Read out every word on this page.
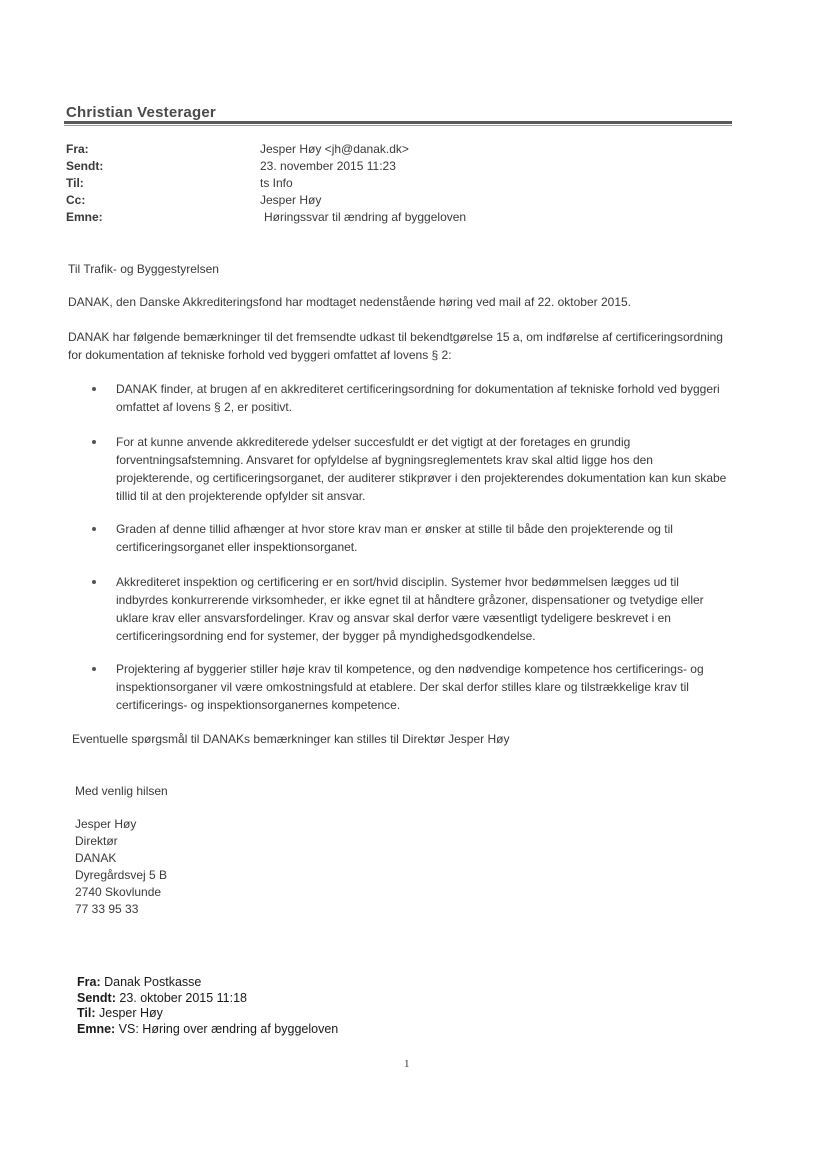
Christian Vesterager
Fra:	Jesper Høy <jh@danak.dk>
Sendt:	23. november 2015 11:23
Til:	ts Info
Cc:	Jesper Høy
Emne:	Høringssvar til ændring af byggeloven
Til Trafik- og Byggestyrelsen
DANAK, den Danske Akkrediteringsfond har modtaget nedenstående høring ved mail af 22. oktober 2015.
DANAK har følgende bemærkninger til det fremsendte udkast til bekendtgørelse 15 a, om indførelse af certificeringsordning for dokumentation af tekniske forhold ved byggeri omfattet af lovens § 2:
DANAK finder, at brugen af en akkrediteret certificeringsordning for dokumentation af tekniske forhold ved byggeri omfattet af lovens § 2, er positivt.
For at kunne anvende akkrediterede ydelser succesfuldt er det vigtigt at der foretages en grundig forventningsafstemning. Ansvaret for opfyldelse af bygningsreglementets krav skal altid ligge hos den projekterende, og certificeringsorganet, der auditerer stikprøver i den projekterendes dokumentation kan kun skabe tillid til at den projekterende opfylder sit ansvar.
Graden af denne tillid afhænger at hvor store krav man er ønsker at stille til både den projekterende og til certificeringsorganet eller inspektionsorganet.
Akkrediteret inspektion og certificering er en sort/hvid disciplin. Systemer hvor bedømmelsen lægges ud til indbyrdes konkurrerende virksomheder, er ikke egnet til at håndtere gråzoner, dispensationer og tvetydige eller uklare krav eller ansvarsfordelinger. Krav og ansvar skal derfor være væsentligt tydeligere beskrevet i en certificeringsordning end for systemer, der bygger på myndighedsgodkendelse.
Projektering af byggerier stiller høje krav til kompetence, og den nødvendige kompetence hos certificerings- og inspektionsorganer vil være omkostningsfuld at etablere. Der skal derfor stilles klare og tilstrækkelige krav til certificerings- og inspektionsorganernes kompetence.
Eventuelle spørgsmål til DANAKs bemærkninger kan stilles til Direktør Jesper Høy
Med venlig hilsen
Jesper Høy
Direktør
DANAK
Dyregårdsvej 5 B
2740 Skovlunde
77 33 95 33
Fra: Danak Postkasse
Sendt: 23. oktober 2015 11:18
Til: Jesper Høy
Emne: VS: Høring over ændring af byggeloven
1
